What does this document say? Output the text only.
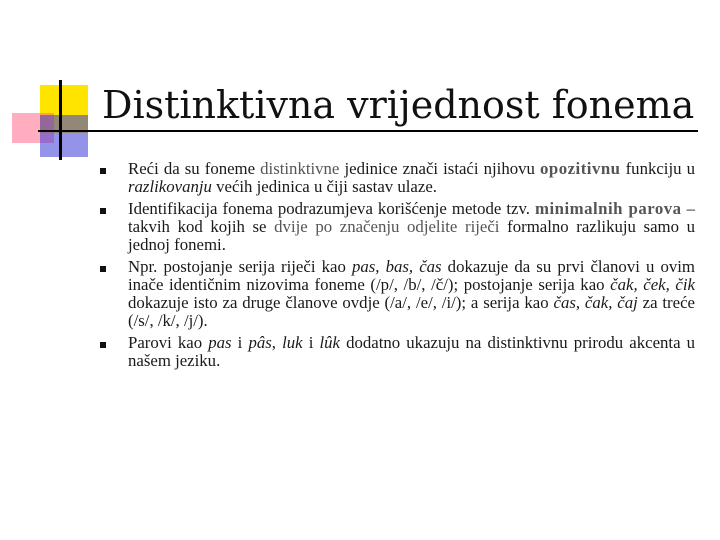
Distinktivna vrijednost fonema
Reći da su foneme distinktivne jedinice znači istaći njihovu opozitivnu funkciju u razlikovanju većih jedinica u čiji sastav ulaze.
Identifikacija fonema podrazumjeva korišćenje metode tzv. minimalnih parova – takvih kod kojih se dvije po značenju odjelite riječi formalno razlikuju samo u jednoj fonemi.
Npr. postojanje serija riječi kao pas, bas, čas dokazuje da su prvi članovi u ovim inače identičnim nizovima foneme (/p/, /b/, /č/); postojanje serija kao čak, ček, čik dokazuje isto za druge članove ovdje (/a/, /e/, /i/); a serija kao čas, čak, čaj za treće (/s/, /k/, /j/).
Parovi kao pas i pâs, luk i lûk dodatno ukazuju na distinktivnu prirodu akcenta u našem jeziku.
